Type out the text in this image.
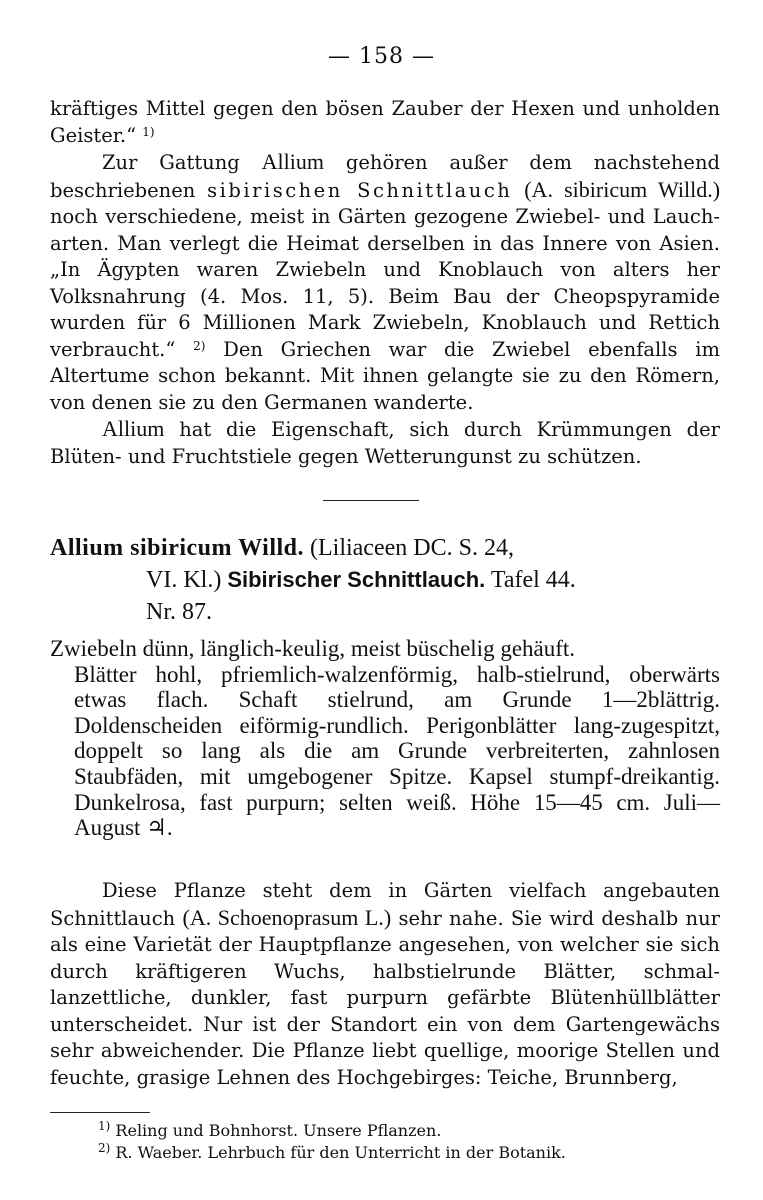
— 158 —

kräftiges Mittel gegen den bösen Zauber der Hexen und unholden Geister.“ $^{1)}$

Zur Gattung Allium gehören außer dem nachstehend beschriebenen sibirischen Schnittlauch (A. sibiricum Willd.) noch verschiedene, meist in Gärten gezogene Zwiebel- und Laucharten. Man verlegt die Heimat derselben in das Innere von Asien. „In Ägypten waren Zwiebeln und Knoblauch von alters her Volksnahrung (4. Mos. 11, 5). Beim Bau der Cheopspyramide wurden für 6 Millionen Mark Zwiebeln, Knoblauch und Rettich verbraucht.“ $^{2)}$ Den Griechen war die Zwiebel ebenfalls im Altertume schon bekannt. Mit ihnen gelangte sie zu den Römern, von denen sie zu den Germanen wanderte.

Allium hat die Eigenschaft, sich durch Krümmungen der Blüten- und Fruchtstiele gegen Wetterungunst zu schützen.

Allium sibiricum Willd. (Liliaceen DC. S. 24,
VI. Kl.) Sibirischer Schnittlauch. Tafel 44.
Nr. 87.

Zwiebeln dünn, länglich-keulig, meist büschelig gehäuft.

Blätter hohl, pfriemlich-walzenförmig, halb-stielrund, oberwärts etwas flach. Schaft stielrund, am Grunde 1—2blättrig. Doldenscheiden eiförmig-rundlich. Perigonblätter lang-zugespitzt, doppelt so lang als die am Grunde verbreiterten, zahnlosen Staubfäden, mit umgebogener Spitze. Kapsel stumpf-dreikantig. Dunkelrosa, fast purpurn; selten weiß. Höhe 15—45 cm. Juli—August ♃.

Diese Pflanze steht dem in Gärten vielfach angebauten Schnittlauch (A. Schoenoprasum L.) sehr nahe. Sie wird deshalb nur als eine Varietät der Hauptpflanze angesehen, von welcher sie sich durch kräftigeren Wuchs, halbstielrunde Blätter, schmal-lanzettliche, dunkler, fast purpurn gefärbte Blütenhüllblätter unterscheidet. Nur ist der Standort ein von dem Gartengewächs sehr abweichender. Die Pflanze liebt quellige, moorige Stellen und feuchte, grasige Lehnen des Hochgebirges: Teiche, Brunnberg,

$^{1)}$ Reling und Bohnhorst. Unsere Pflanzen.
$^{2)}$ R. Waeber. Lehrbuch für den Unterricht in der Botanik.
